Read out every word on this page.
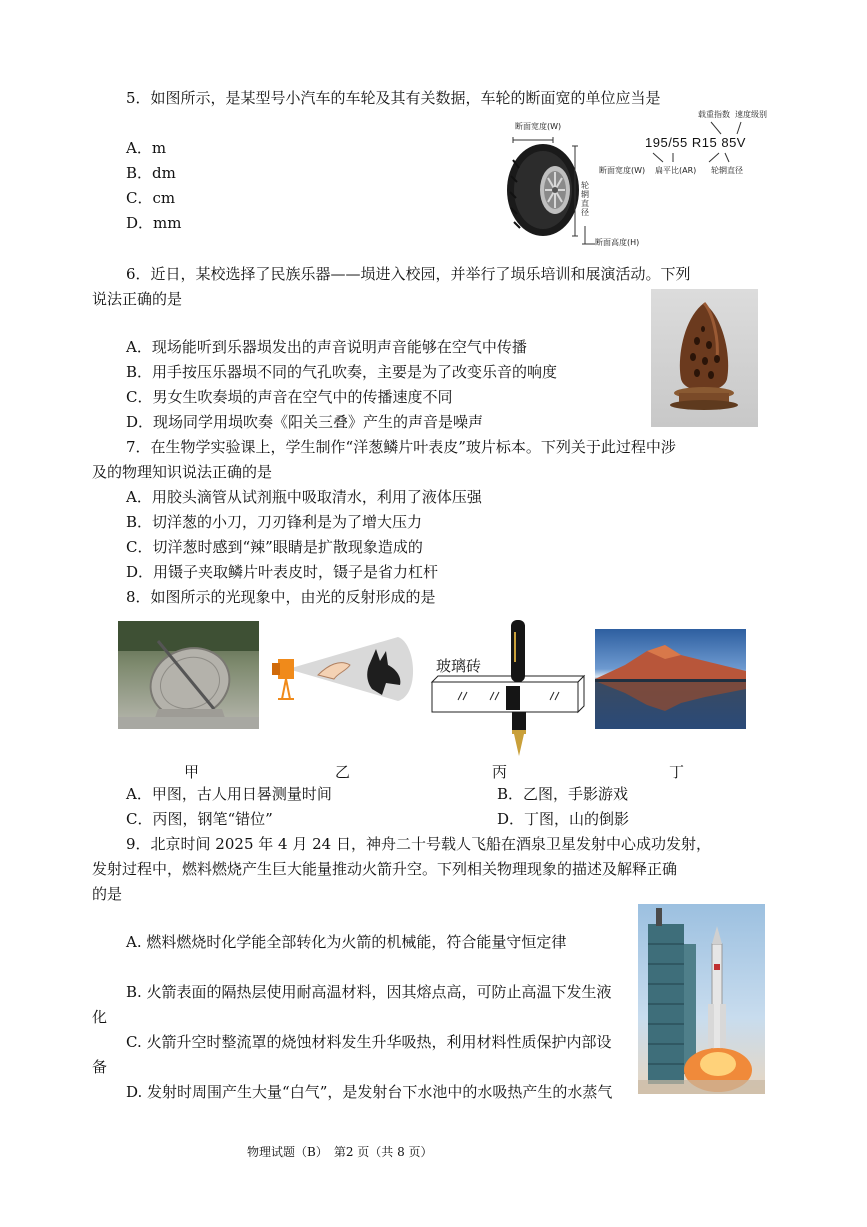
5．如图所示，是某型号小汽车的车轮及其有关数据，车轮的断面宽的单位应当是
A．m
B．dm
C．cm
D．mm
断面宽度(W)
载重指数 速度级别
195/55 R15 85V
断面宽度(W) 扁平比(AR) 轮辋直径
轮辋直径
断面高度(H)
6．近日，某校选择了民族乐器——埙进入校园，并举行了埙乐培训和展演活动。下列
说法正确的是
A．现场能听到乐器埙发出的声音说明声音能够在空气中传播
B．用手按压乐器埙不同的气孔吹奏，主要是为了改变乐音的响度
C．男女生吹奏埙的声音在空气中的传播速度不同
D．现场同学用埙吹奏《阳关三叠》产生的声音是噪声
7．在生物学实验课上，学生制作“洋葱鳞片叶表皮”玻片标本。下列关于此过程中涉
及的物理知识说法正确的是
A．用胶头滴管从试剂瓶中吸取清水，利用了液体压强
B．切洋葱的小刀，刀刃锋利是为了增大压力
C．切洋葱时感到“辣”眼睛是扩散现象造成的
D．用镊子夹取鳞片叶表皮时，镊子是省力杠杆
8．如图所示的光现象中，由光的反射形成的是
玻璃砖
甲	乙	丙	丁
A．甲图，古人用日晷测量时间	B．乙图，手影游戏
C．丙图，钢笔“错位”	D．丁图，山的倒影
9．北京时间 2025 年 4 月 24 日，神舟二十号载人飞船在酒泉卫星发射中心成功发射，
发射过程中，燃料燃烧产生巨大能量推动火箭升空。下列相关物理现象的描述及解释正确
的是
A. 燃料燃烧时化学能全部转化为火箭的机械能，符合能量守恒定律
B. 火箭表面的隔热层使用耐高温材料，因其熔点高，可防止高温下发生液化
C. 火箭升空时整流罩的烧蚀材料发生升华吸热，利用材料性质保护内部设备
D. 发射时周围产生大量“白气”，是发射台下水池中的水吸热产生的水蒸气
物理试题（B）　第2 页（共 8 页）
